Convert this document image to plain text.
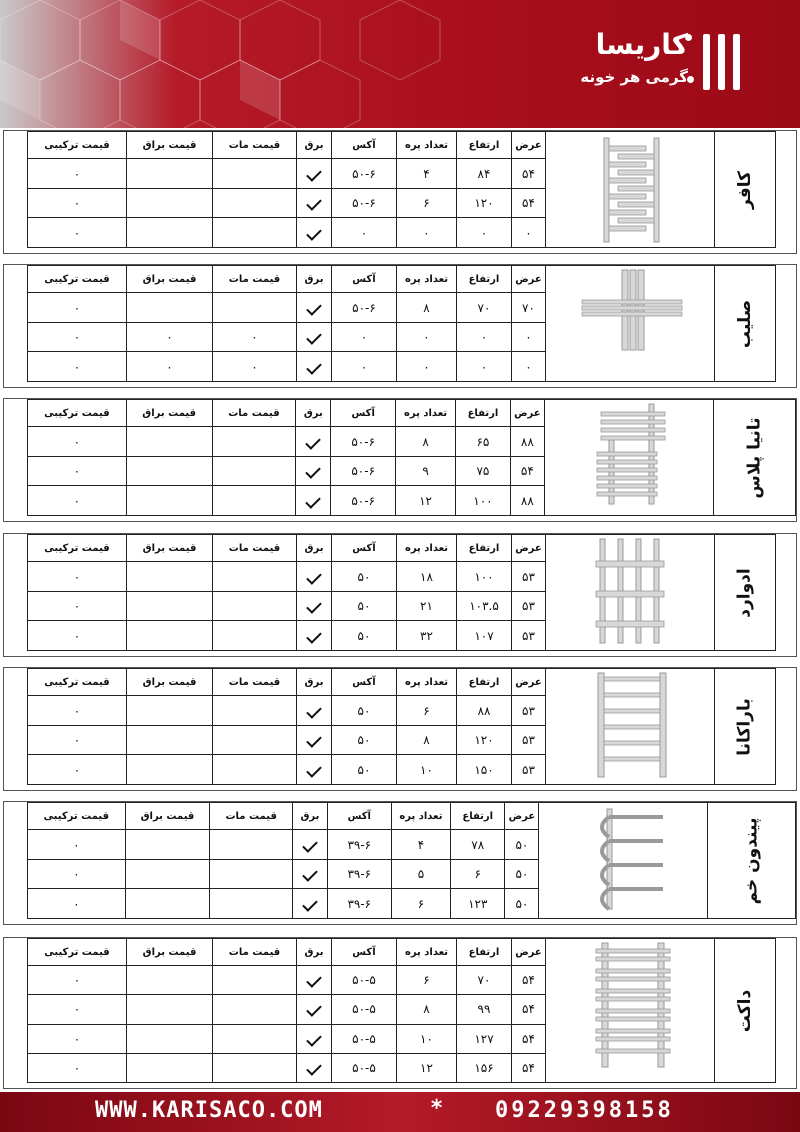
کاریسا
گرمی هر خونه
کافر		عرض	ارتفاع	تعداد پره	آکس	برق	قیمت مات	قیمت براق	قیمت ترکیبی
		۵۴	۸۴	۴	۵۰-۶				۰
		۵۴	۱۲۰	۶	۵۰-۶				۰
		۰	۰	۰	۰				۰
صلیب		عرض	ارتفاع	تعداد پره	آکس	برق	قیمت مات	قیمت براق	قیمت ترکیبی
		۷۰	۷۰	۸	۵۰-۶				۰
		۰	۰	۰	۰		۰	۰	۰
		۰	۰	۰	۰		۰	۰	۰
تانیا پلاس		عرض	ارتفاع	تعداد پره	آکس	برق	قیمت مات	قیمت براق	قیمت ترکیبی
		۸۸	۶۵	۸	۵۰-۶				۰
		۵۴	۷۵	۹	۵۰-۶				۰
		۸۸	۱۰۰	۱۲	۵۰-۶				۰
ادوارد		عرض	ارتفاع	تعداد پره	آکس	برق	قیمت مات	قیمت براق	قیمت ترکیبی
		۵۳	۱۰۰	۱۸	۵۰				۰
		۵۳	۱۰۳.۵	۲۱	۵۰				۰
		۵۳	۱۰۷	۳۲	۵۰				۰
باراکانا		عرض	ارتفاع	تعداد پره	آکس	برق	قیمت مات	قیمت براق	قیمت ترکیبی
		۵۳	۸۸	۶	۵۰				۰
		۵۳	۱۲۰	۸	۵۰				۰
		۵۳	۱۵۰	۱۰	۵۰				۰
پیندون خم		عرض	ارتفاع	تعداد پره	آکس	برق	قیمت مات	قیمت براق	قیمت ترکیبی
		۵۰	۷۸	۴	۳۹-۶				۰
		۵۰	۶	۵	۳۹-۶				۰
		۵۰	۱۲۳	۶	۳۹-۶				۰
داکت		عرض	ارتفاع	تعداد پره	آکس	برق	قیمت مات	قیمت براق	قیمت ترکیبی
		۵۴	۷۰	۶	۵۰-۵				۰
		۵۴	۹۹	۸	۵۰-۵				۰
		۵۴	۱۲۷	۱۰	۵۰-۵				۰
		۵۴	۱۵۶	۱۲	۵۰-۵				۰
WWW.KARISACO.COM	* 09229398158
